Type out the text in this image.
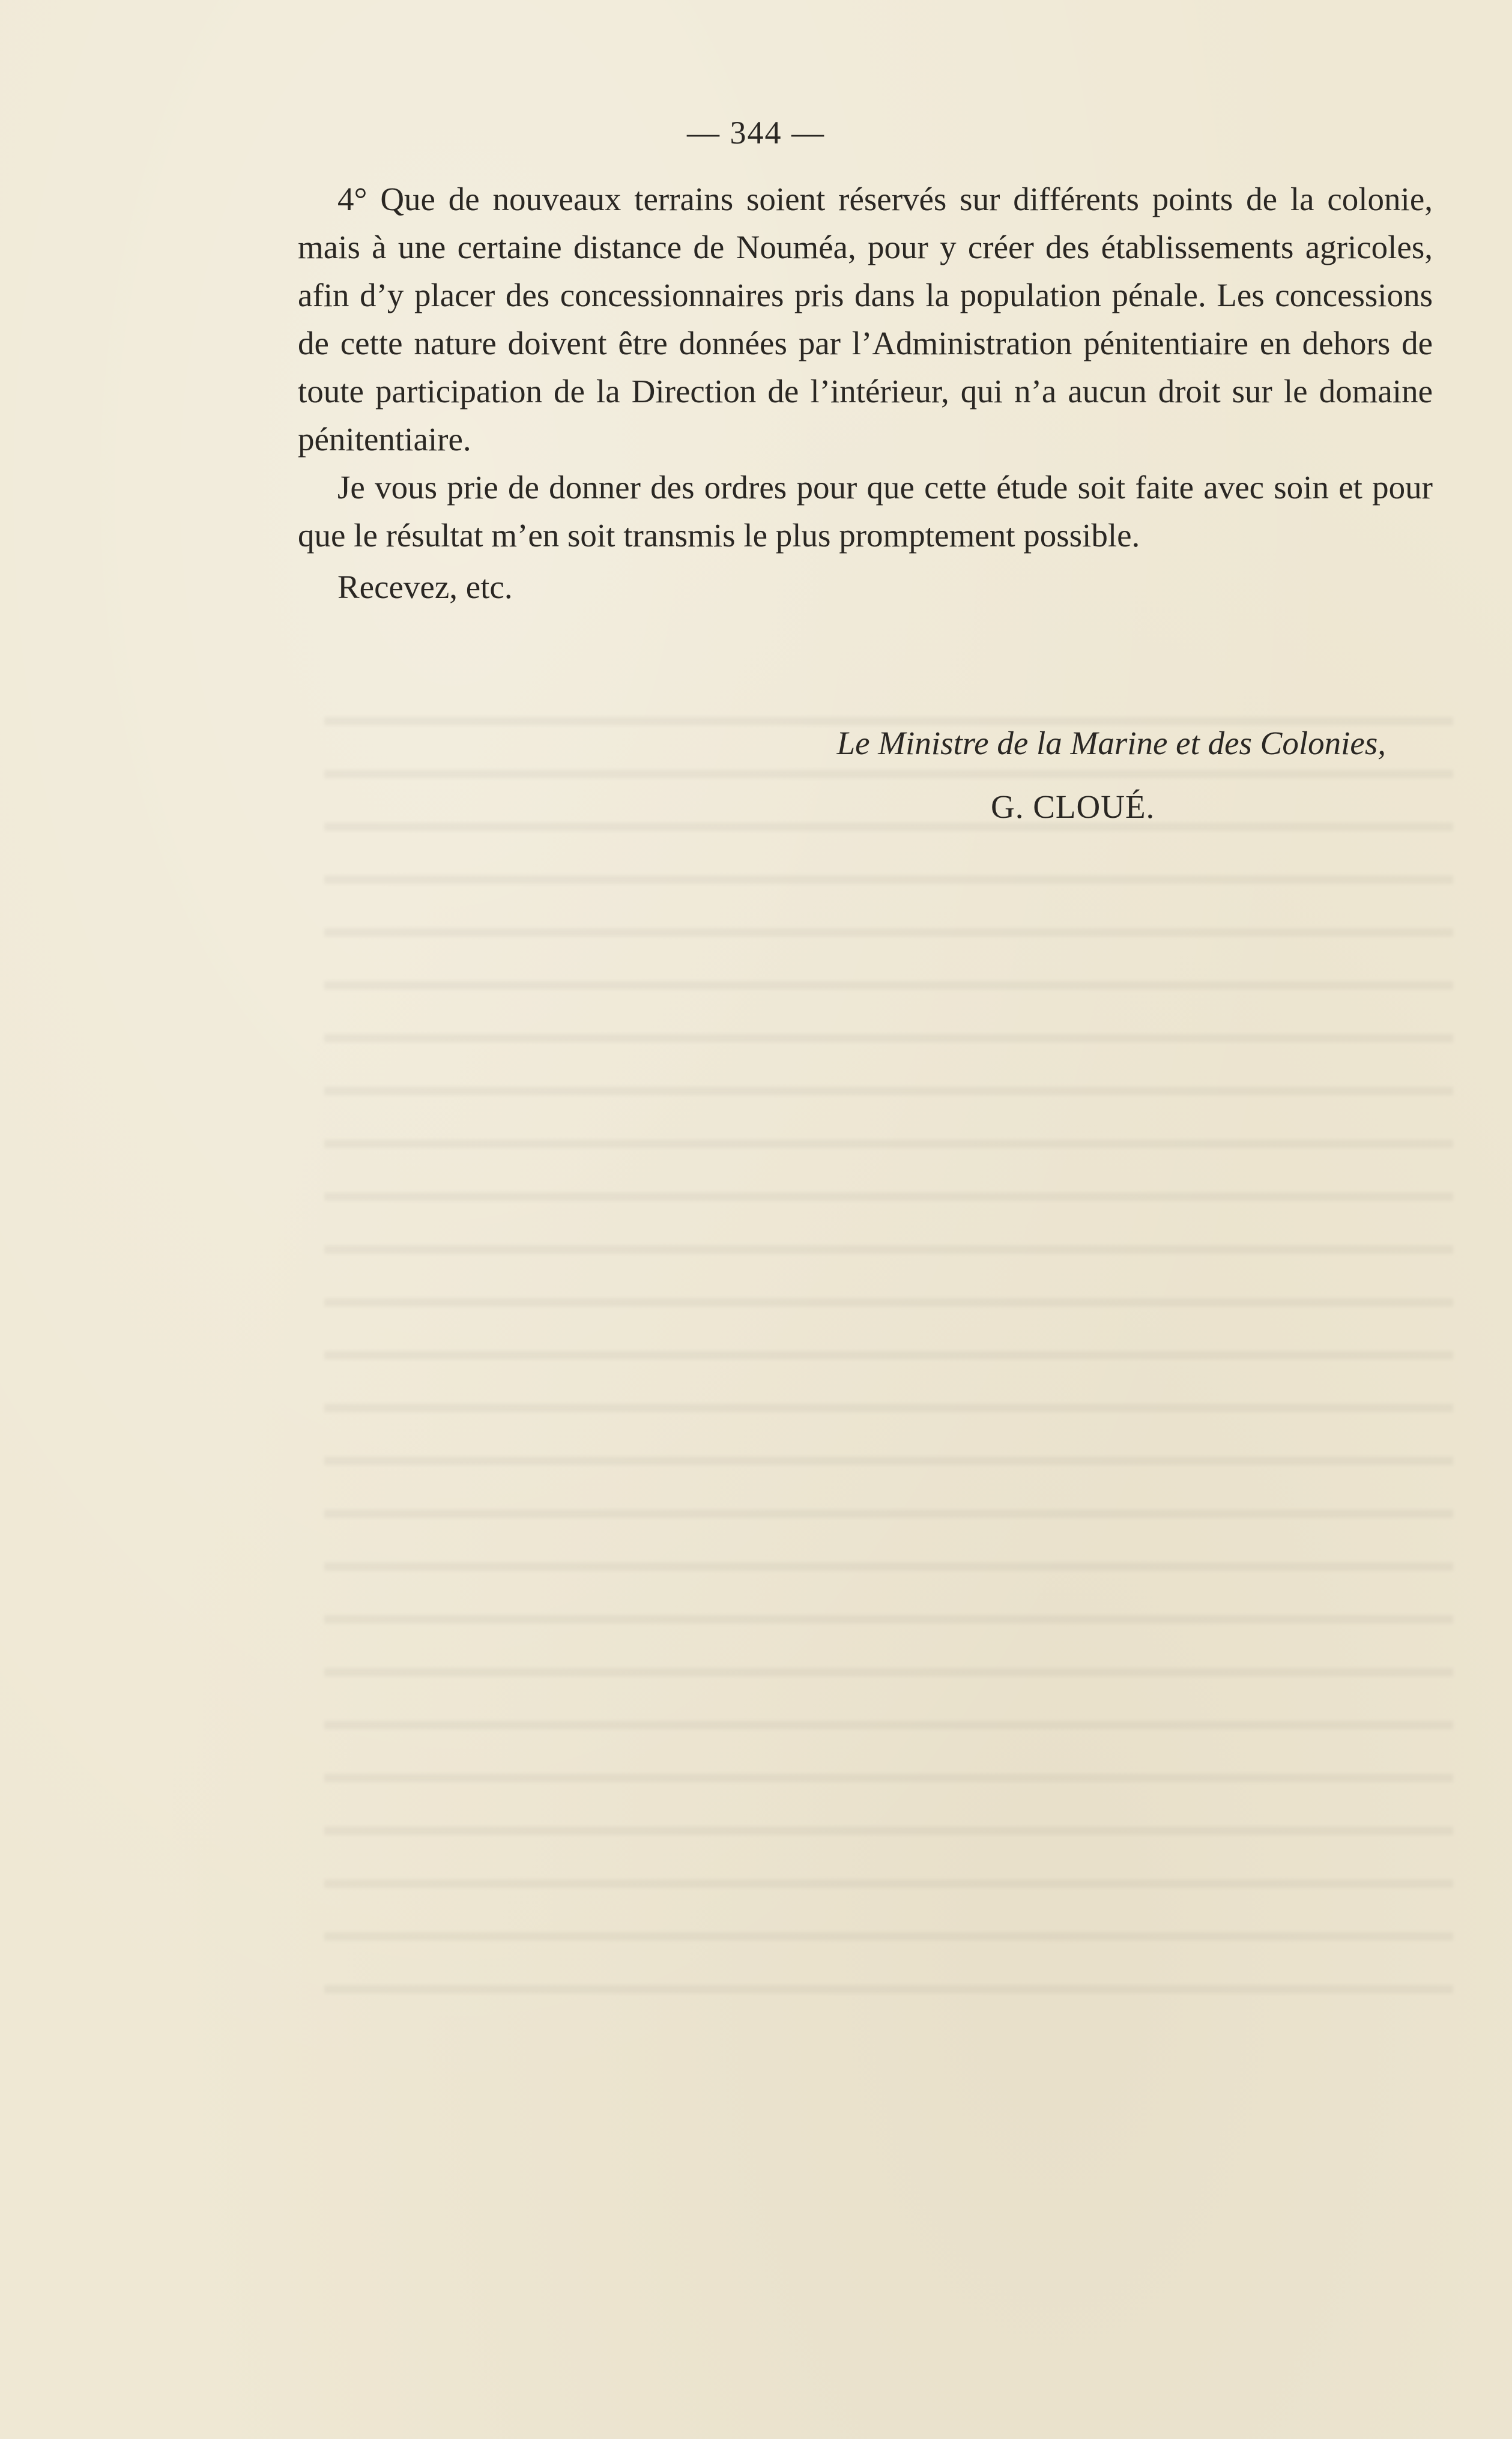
— 344 —

4° Que de nouveaux terrains soient réservés sur différents points de la colonie, mais à une certaine distance de Nouméa, pour y créer des établissements agricoles, afin d’y placer des concessionnaires pris dans la population pénale. Les concessions de cette nature doivent être données par l’Administration pénitentiaire en dehors de toute participation de la Direction de l’intérieur, qui n’a aucun droit sur le domaine pénitentiaire.

Je vous prie de donner des ordres pour que cette étude soit faite avec soin et pour que le résultat m’en soit transmis le plus promptement possible.

Recevez, etc.

Le Ministre de la Marine et des Colonies,
G. CLOUÉ.
